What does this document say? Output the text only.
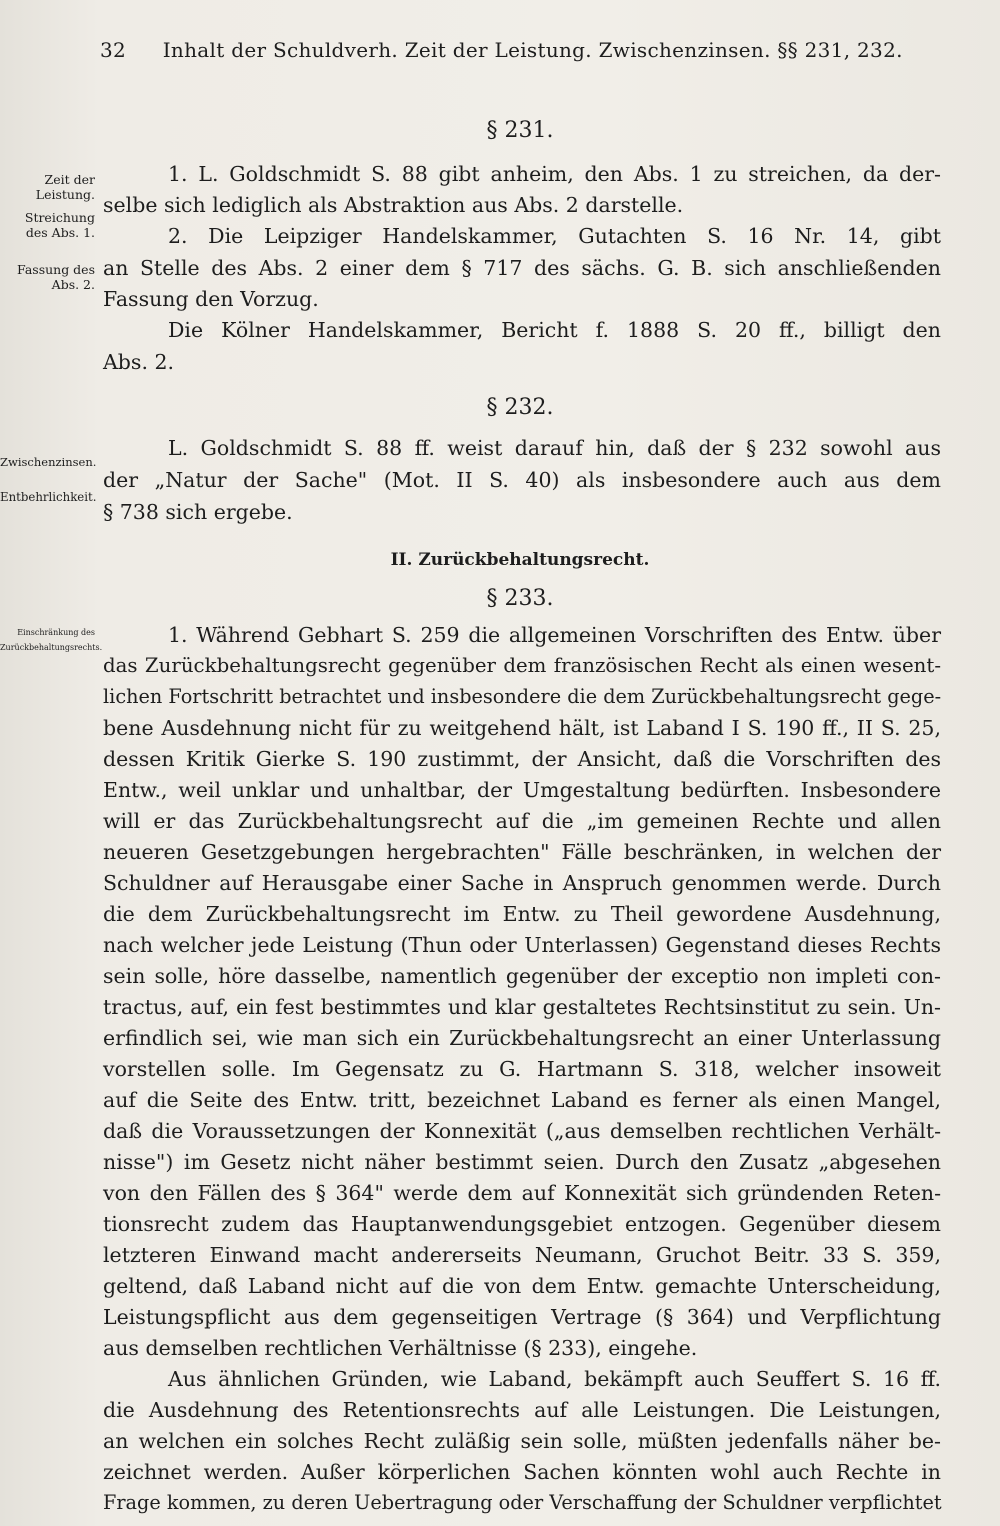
32 Inhalt der Schuldverh. Zeit der Leistung. Zwischenzinsen. §§ 231, 232.
Zeit der Leistung.
Streichung des Abs. 1.
Fassung des Abs. 2.
Zwischenzinsen.
Entbehrlichkeit.
Einschränkung des Zurückbehaltungsrechts.
§ 231.
§ 232.
II. Zurückbehaltungsrecht.
§ 233.
1. L. Goldschmidt S. 88 gibt anheim, den Abs. 1 zu streichen, da der-
selbe sich lediglich als Abstraktion aus Abs. 2 darstelle.
2. Die Leipziger Handelskammer, Gutachten S. 16 Nr. 14, gibt
an Stelle des Abs. 2 einer dem § 717 des sächs. G. B. sich anschließenden
Fassung den Vorzug.
Die Kölner Handelskammer, Bericht f. 1888 S. 20 ff., billigt den
Abs. 2.
L. Goldschmidt S. 88 ff. weist darauf hin, daß der § 232 sowohl aus
der „Natur der Sache" (Mot. II S. 40) als insbesondere auch aus dem
§ 738 sich ergebe.
1. Während Gebhart S. 259 die allgemeinen Vorschriften des Entw. über
das Zurückbehaltungsrecht gegenüber dem französischen Recht als einen wesent-
lichen Fortschritt betrachtet und insbesondere die dem Zurückbehaltungsrecht gege-
bene Ausdehnung nicht für zu weitgehend hält, ist Laband I S. 190 ff., II S. 25,
dessen Kritik Gierke S. 190 zustimmt, der Ansicht, daß die Vorschriften des
Entw., weil unklar und unhaltbar, der Umgestaltung bedürften. Insbesondere
will er das Zurückbehaltungsrecht auf die „im gemeinen Rechte und allen
neueren Gesetzgebungen hergebrachten" Fälle beschränken, in welchen der
Schuldner auf Herausgabe einer Sache in Anspruch genommen werde. Durch
die dem Zurückbehaltungsrecht im Entw. zu Theil gewordene Ausdehnung,
nach welcher jede Leistung (Thun oder Unterlassen) Gegenstand dieses Rechts
sein solle, höre dasselbe, namentlich gegenüber der exceptio non impleti con-
tractus, auf, ein fest bestimmtes und klar gestaltetes Rechtsinstitut zu sein. Un-
erfindlich sei, wie man sich ein Zurückbehaltungsrecht an einer Unterlassung
vorstellen solle. Im Gegensatz zu G. Hartmann S. 318, welcher insoweit
auf die Seite des Entw. tritt, bezeichnet Laband es ferner als einen Mangel,
daß die Voraussetzungen der Konnexität („aus demselben rechtlichen Verhält-
nisse") im Gesetz nicht näher bestimmt seien. Durch den Zusatz „abgesehen
von den Fällen des § 364" werde dem auf Konnexität sich gründenden Reten-
tionsrecht zudem das Hauptanwendungsgebiet entzogen. Gegenüber diesem
letzteren Einwand macht andererseits Neumann, Gruchot Beitr. 33 S. 359,
geltend, daß Laband nicht auf die von dem Entw. gemachte Unterscheidung,
Leistungspflicht aus dem gegenseitigen Vertrage (§ 364) und Verpflichtung
aus demselben rechtlichen Verhältnisse (§ 233), eingehe.
Aus ähnlichen Gründen, wie Laband, bekämpft auch Seuffert S. 16 ff.
die Ausdehnung des Retentionsrechts auf alle Leistungen. Die Leistungen,
an welchen ein solches Recht zuläßig sein solle, müßten jedenfalls näher be-
zeichnet werden. Außer körperlichen Sachen könnten wohl auch Rechte in
Frage kommen, zu deren Uebertragung oder Verschaffung der Schuldner verpflichtet
